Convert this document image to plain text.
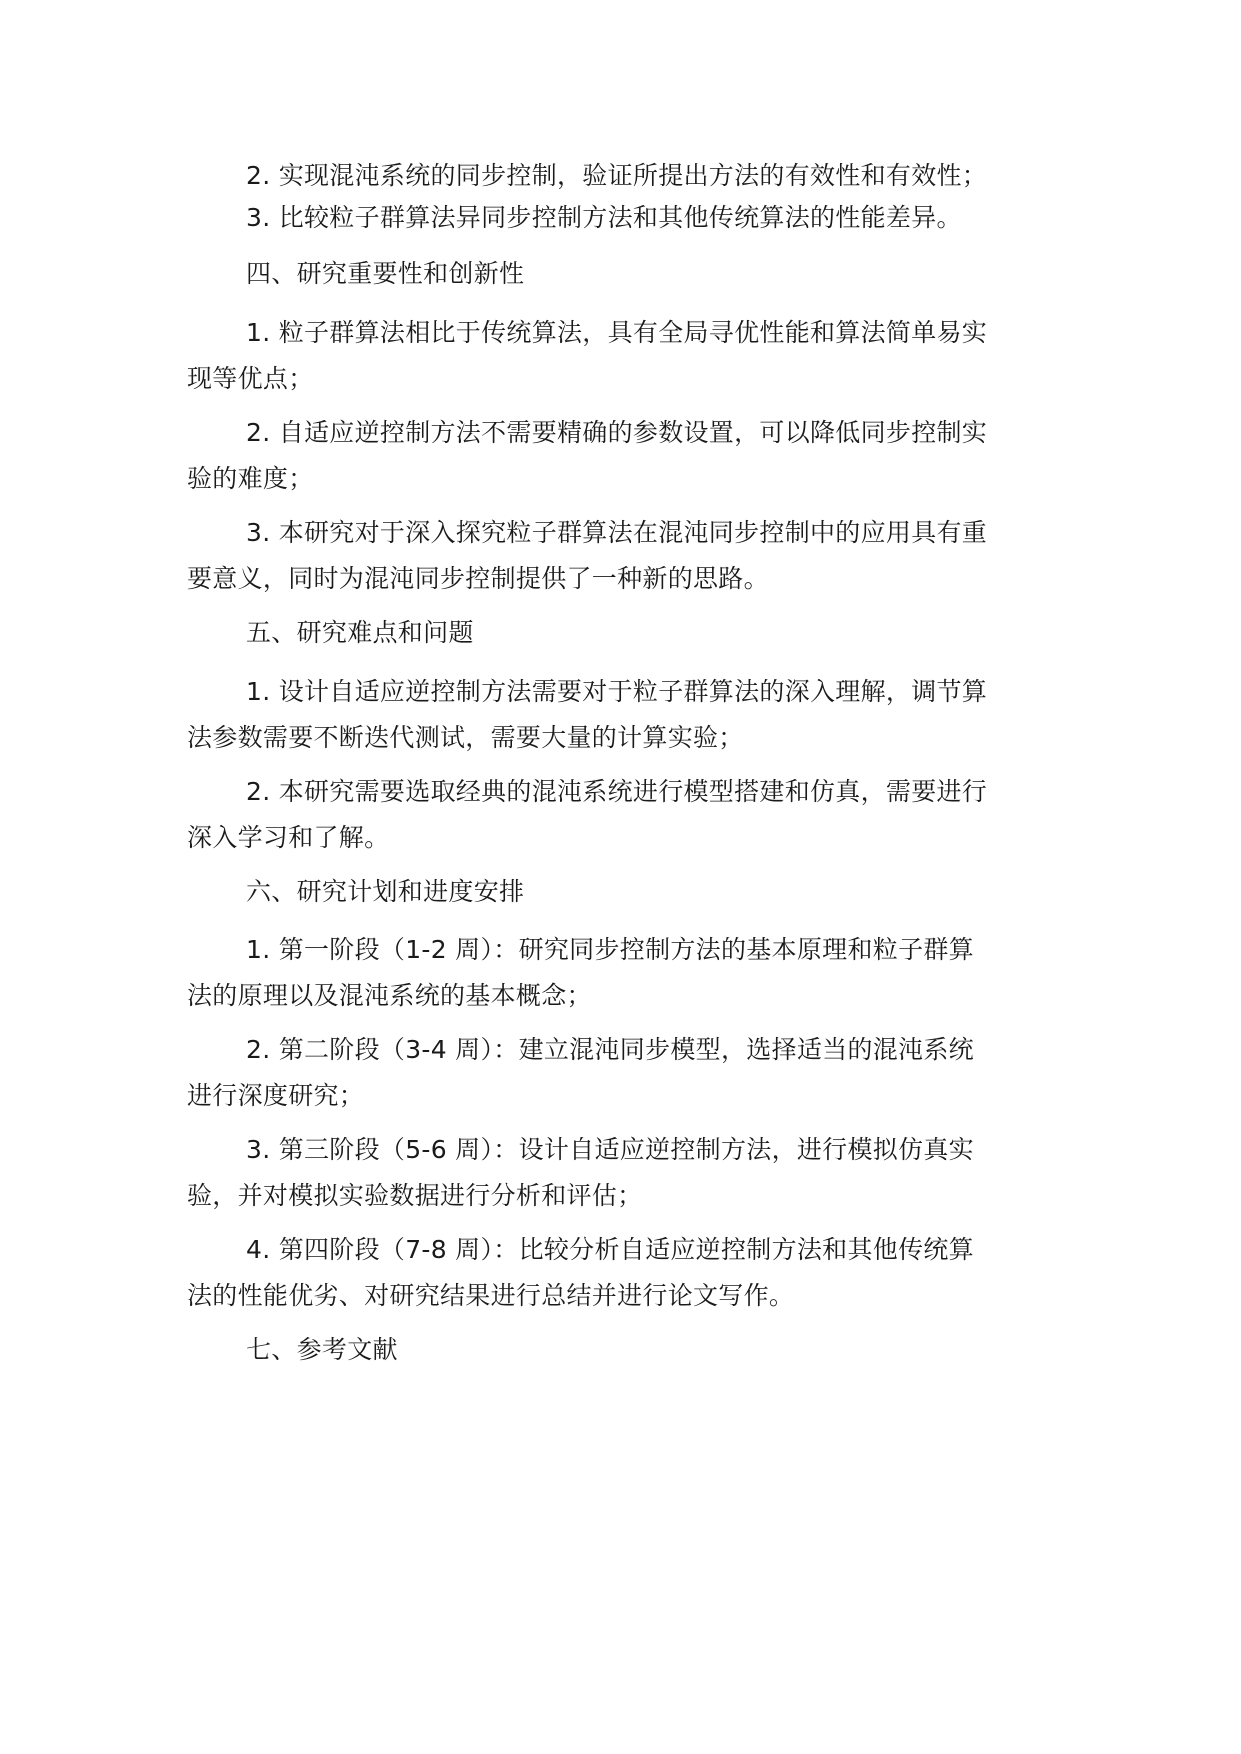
2. 实现混沌系统的同步控制，验证所提出方法的有效性和有效性；

3. 比较粒子群算法异同步控制方法和其他传统算法的性能差异。

四、研究重要性和创新性

1. 粒子群算法相比于传统算法，具有全局寻优性能和算法简单易实
现等优点；

2. 自适应逆控制方法不需要精确的参数设置，可以降低同步控制实
验的难度；

3. 本研究对于深入探究粒子群算法在混沌同步控制中的应用具有重
要意义，同时为混沌同步控制提供了一种新的思路。

五、研究难点和问题

1. 设计自适应逆控制方法需要对于粒子群算法的深入理解，调节算
法参数需要不断迭代测试，需要大量的计算实验；

2. 本研究需要选取经典的混沌系统进行模型搭建和仿真，需要进行
深入学习和了解。

六、研究计划和进度安排

1. 第一阶段（1-2 周）：研究同步控制方法的基本原理和粒子群算
法的原理以及混沌系统的基本概念；

2. 第二阶段（3-4 周）：建立混沌同步模型，选择适当的混沌系统
进行深度研究；

3. 第三阶段（5-6 周）：设计自适应逆控制方法，进行模拟仿真实
验，并对模拟实验数据进行分析和评估；

4. 第四阶段（7-8 周）：比较分析自适应逆控制方法和其他传统算
法的性能优劣、对研究结果进行总结并进行论文写作。

七、参考文献
